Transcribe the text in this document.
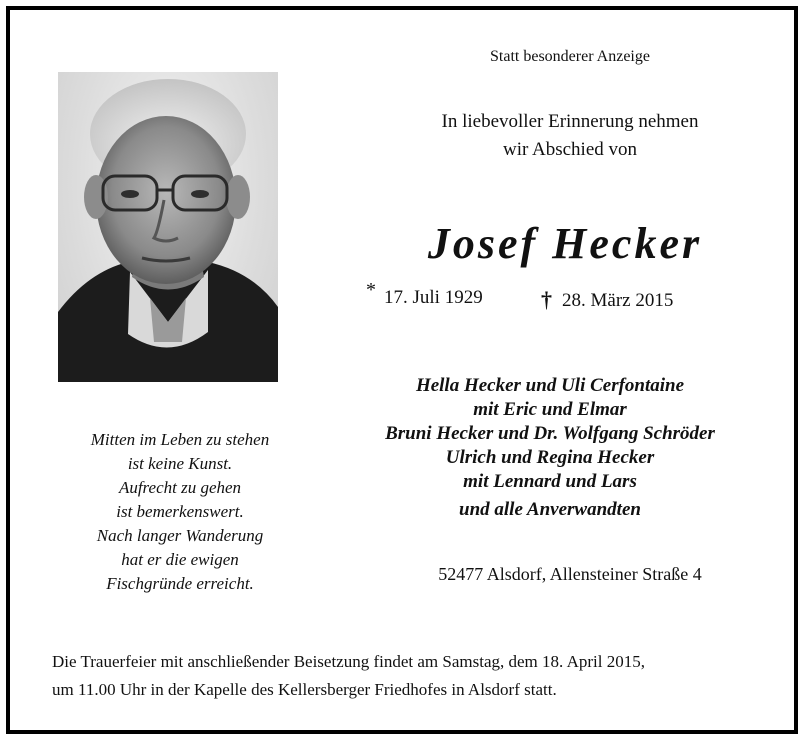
Statt besonderer Anzeige
In liebevoller Erinnerung nehmen
wir Abschied von
Josef Hecker
* 17. Juli 1929	† 28. März 2015
Hella Hecker und Uli Cerfontaine
mit Eric und Elmar
Bruni Hecker und Dr. Wolfgang Schröder
Ulrich und Regina Hecker
mit Lennard und Lars
und alle Anverwandten
Mitten im Leben zu stehen
ist keine Kunst.
Aufrecht zu gehen
ist bemerkenswert.
Nach langer Wanderung
hat er die ewigen
Fischgründe erreicht.	52477 Alsdorf, Allensteiner Straße 4
Die Trauerfeier mit anschließender Beisetzung findet am Samstag, dem 18. April 2015,
um 11.00 Uhr in der Kapelle des Kellersberger Friedhofes in Alsdorf statt.
